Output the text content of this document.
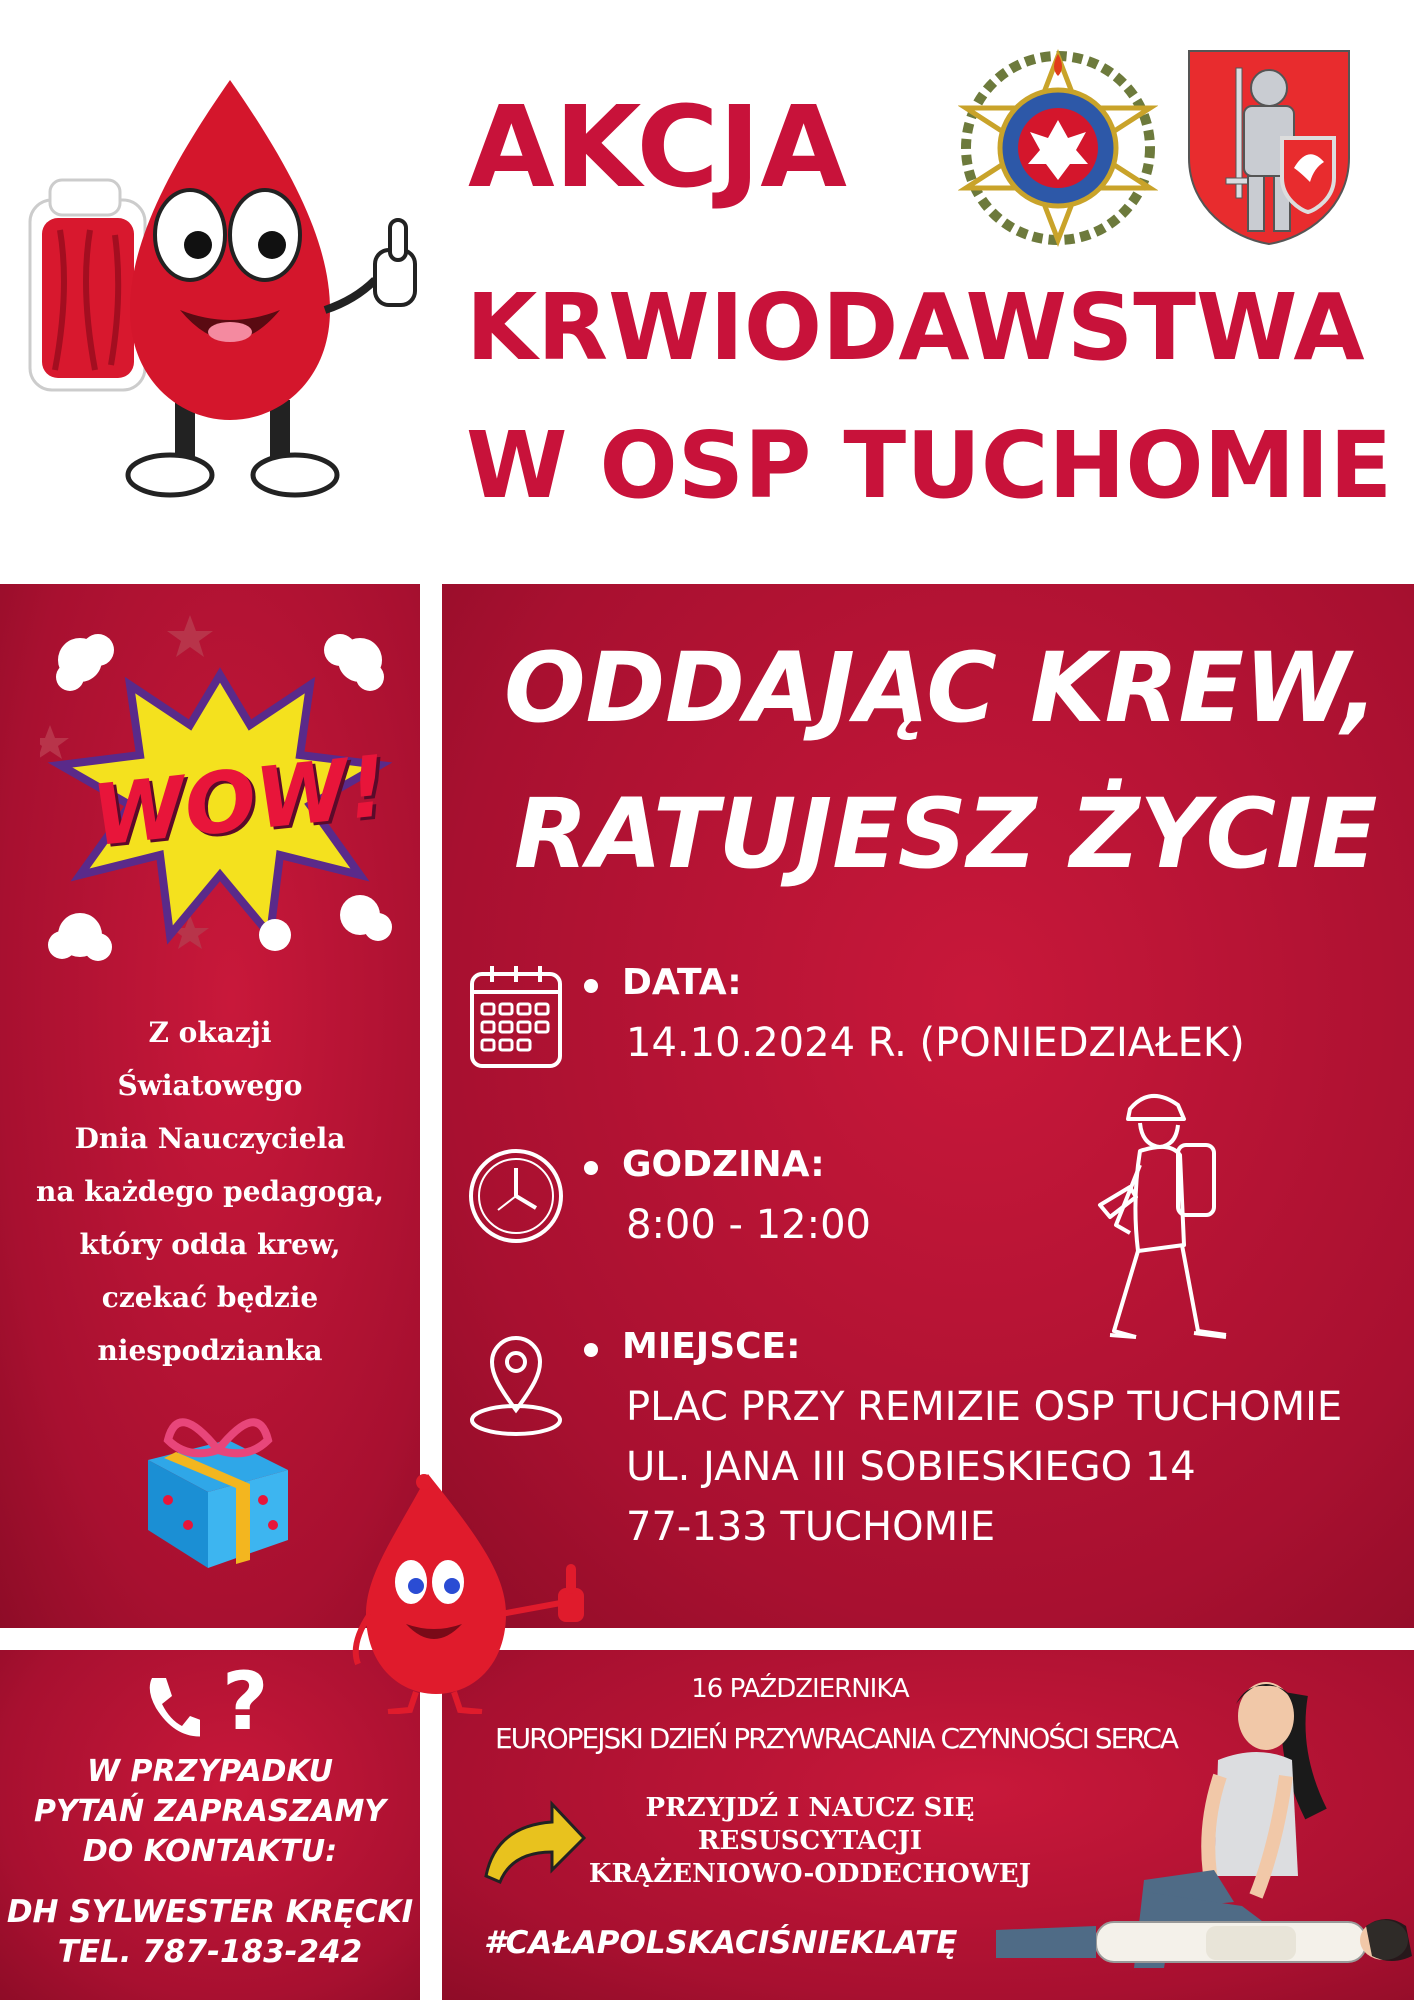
AKCJA
KRWIODAWSTWA
W OSP TUCHOMIE
WOW!
Z okazji
Światowego
Dnia Nauczyciela
na każdego pedagoga,
który odda krew,
czekać będzie
niespodzianka
ODDAJĄC KREW,
RATUJESZ ŻYCIE
DATA:
14.10.2024 R. (PONIEDZIAŁEK)
GODZINA:
8:00 - 12:00
MIEJSCE:
PLAC PRZY REMIZIE OSP TUCHOMIE
UL. JANA III SOBIESKIEGO 14
77-133 TUCHOMIE
?
W PRZYPADKU
PYTAŃ ZAPRASZAMY
DO KONTAKTU:
DH SYLWESTER KRĘCKI
TEL. 787-183-242
16 PAŹDZIERNIKA
EUROPEJSKI DZIEŃ PRZYWRACANIA CZYNNOŚCI SERCA
PRZYJDŹ I NAUCZ SIĘ
RESUSCYTACJI
KRĄŻENIOWO-ODDECHOWEJ
#CAŁAPOLSKACIŚNIEKLATĘ
